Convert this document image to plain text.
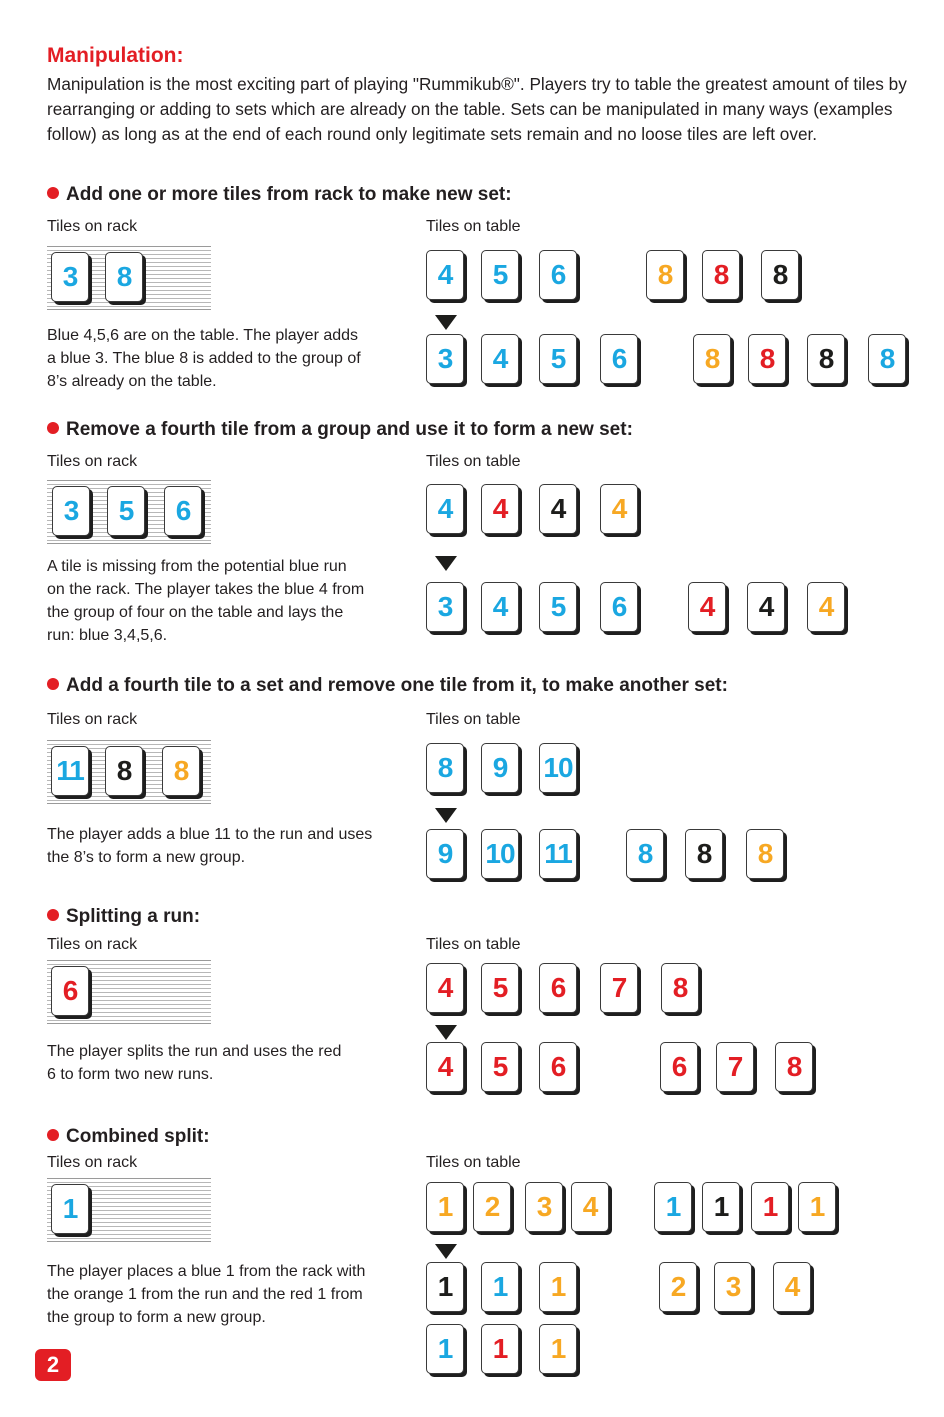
Manipulation:

Manipulation is the most exciting part of playing "Rummikub®". Players try to table the greatest amount of tiles by rearranging or adding to sets which are already on the table. Sets can be manipulated in many ways (examples follow) as long as at the end of each round only legitimate sets remain and no loose tiles are left over.

Add one or more tiles from rack to make new set:

Tiles on rack	Tiles on table

3	8

Blue 4,5,6 are on the table. The player adds a blue 3. The blue 8 is added to the group of 8’s already on the table.

4	5	6	8	8	8
3	4	5	6	8	8	8	8
Remove a fourth tile from a group and use it to form a new set:

Tiles on rack	Tiles on table

3	5	6

A tile is missing from the potential blue run on the rack. The player takes the blue 4 from the group of four on the table and lays the run: blue 3,4,5,6.

4	4	4	4
3	4	5	6	4	4	4
Add a fourth tile to a set and remove one tile from it, to make another set:

Tiles on rack	Tiles on table

11	8	8

The player adds a blue 11 to the run and uses the 8’s to form a new group.

8	9	10
9	10 11	8	8	8
Splitting a run:

Tiles on rack	Tiles on table

6

The player splits the run and uses the red 6 to form two new runs.

4	5	6	7	8
4	5	6	6	7	8
Combined split:

Tiles on rack	Tiles on table

1

The player places a blue 1 from the rack with the orange 1 from the run and the red 1 from the group to form a new group.

1	2	3	4	1	1	1	1
1	1	1	2	3	4
1	1	1
2
